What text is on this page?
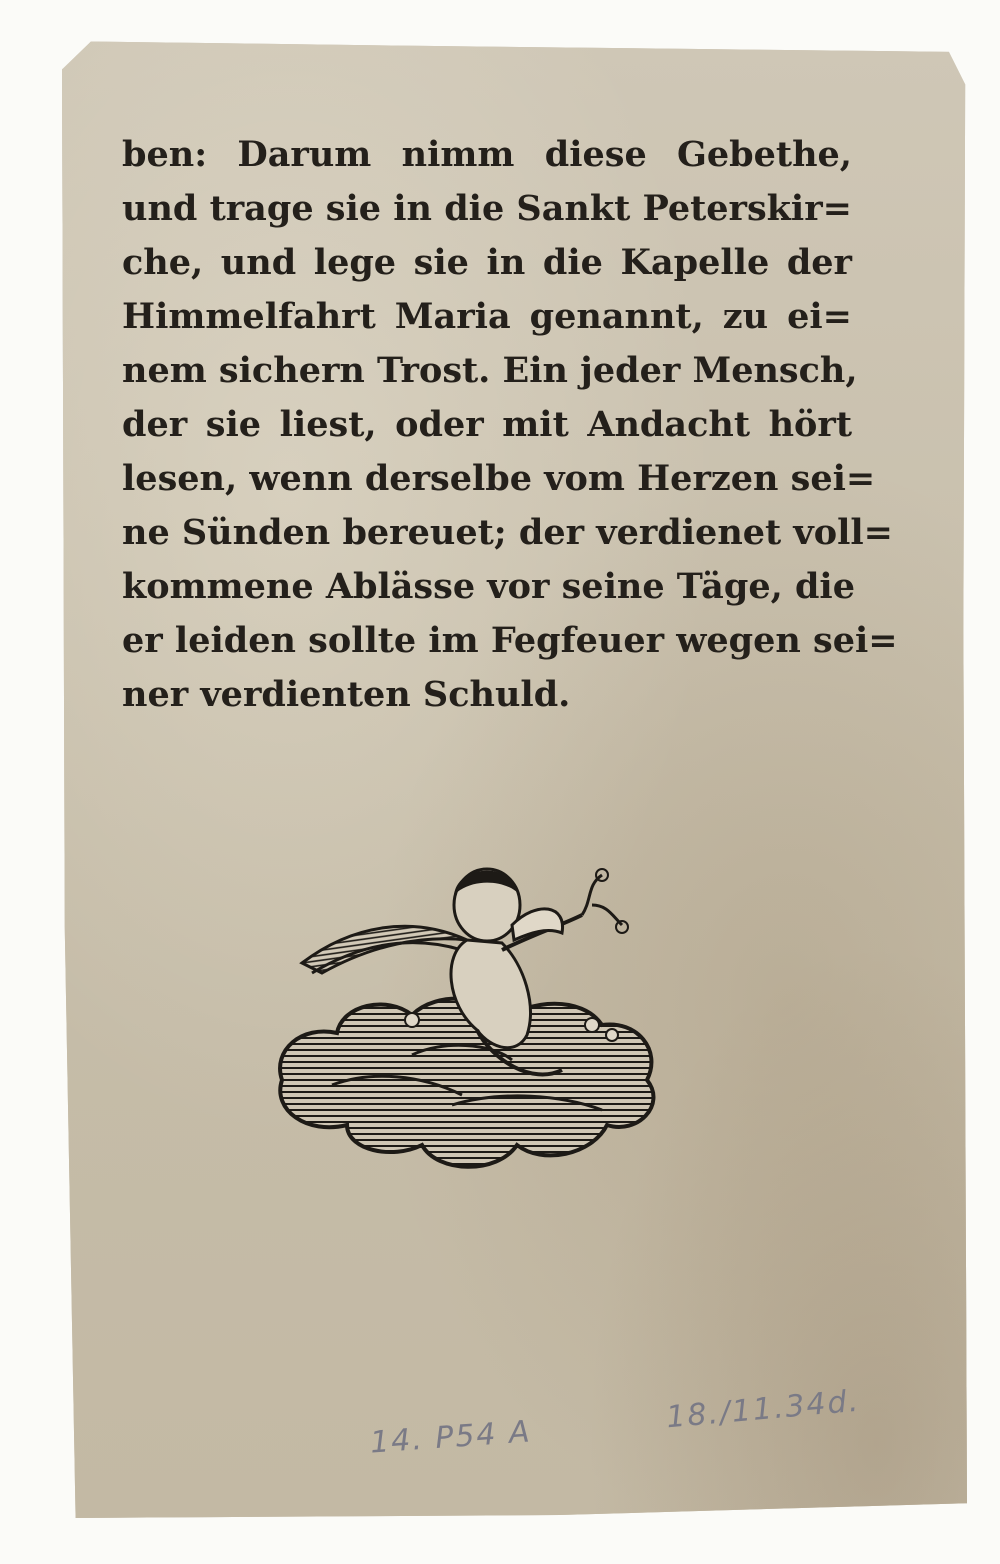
ben: Darum nimm diese Gebethe,
und trage sie in die Sankt Peterskir=
che, und lege sie in die Kapelle der
Himmelfahrt Maria genannt, zu ei=
nem sichern Trost. Ein jeder Mensch,
der sie liest, oder mit Andacht hört
lesen, wenn derselbe vom Herzen sei=
ne Sünden bereuet; der verdienet voll=
kommene Ablässe vor seine Täge, die
er leiden sollte im Fegfeuer wegen sei=
ner verdienten Schuld.
14. P54 A
18./11.34d.
